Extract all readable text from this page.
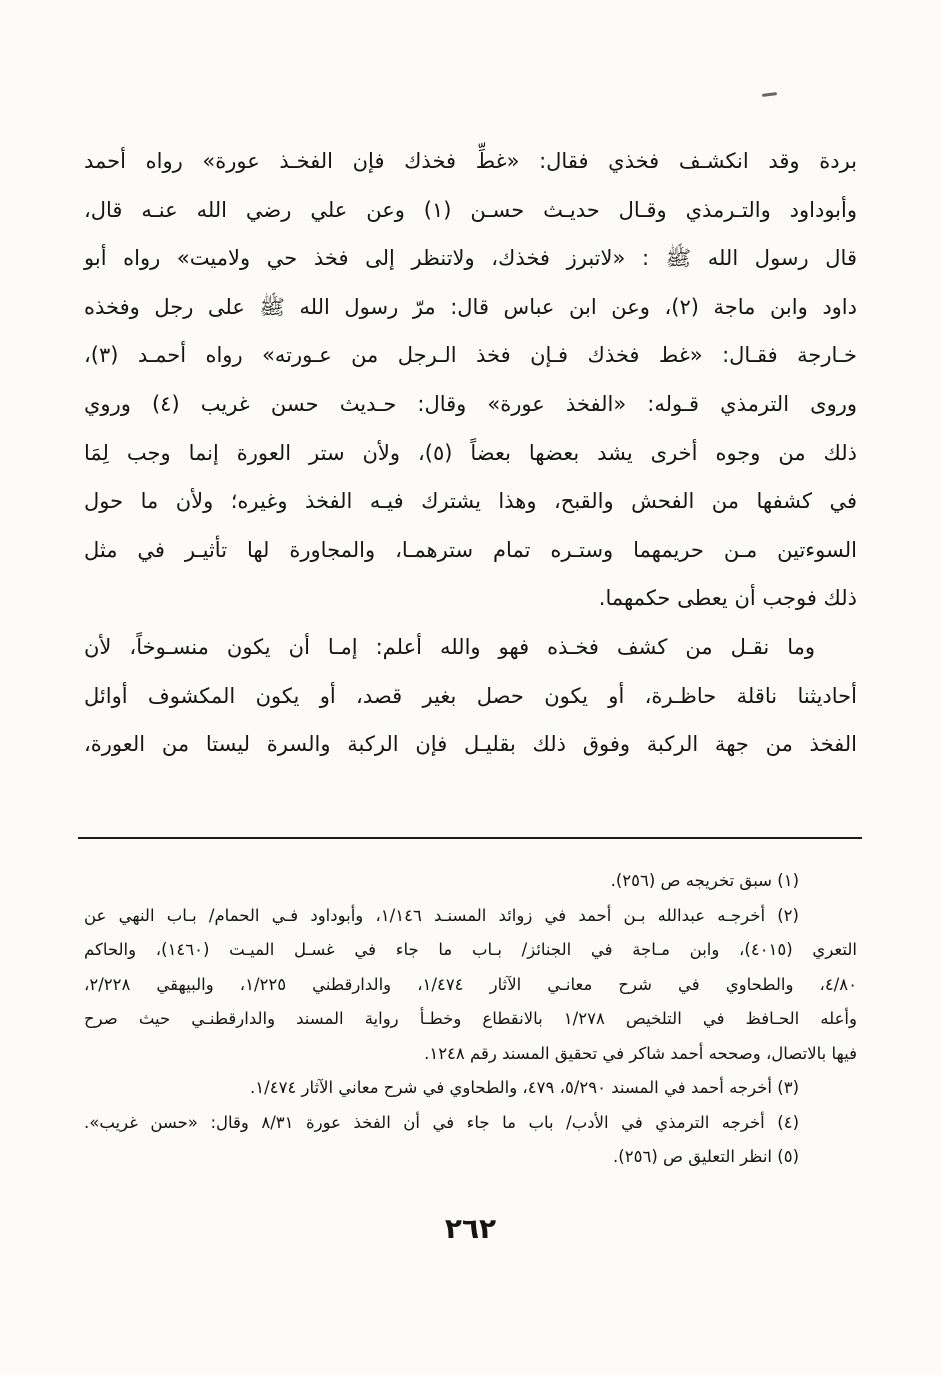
بردة وقد انكشـف فخذي فقال: «غطِّ فخذك فإن الفخـذ عورة» رواه أحمد
وأبوداود والتـرمذي وقـال حديـث حسـن (١) وعن علي رضي الله عنـه قال،
قال رسول الله ﷺ : «لاتبرز فخذك، ولاتنظر إلى فخذ حي ولاميت» رواه أبو
داود وابن ماجة (٢)، وعن ابن عباس قال: مرّ رسول الله ﷺ على رجل وفخذه
خـارجة فقـال: «غط فخذك فـإن فخذ الـرجل من عـورته» رواه أحمـد (٣)،
وروى الترمذي قـوله: «الفخذ عورة» وقال: حـديث حسن غريب (٤) وروي
ذلك من وجوه أخرى يشد بعضها بعضاً (٥)، ولأن ستر العورة إنما وجب لِمَا
في كشفها من الفحش والقبح، وهذا يشترك فيـه الفخذ وغيره؛ ولأن ما حول
السوءتين مـن حريمهما وستـره تمام سترهمـا، والمجاورة لها تأثيـر في مثل
ذلك فوجب أن يعطى حكمهما.
وما نقـل من كشف فخـذه فهو والله أعلم: إمـا أن يكون منسـوخاً، لأن
أحاديثنا ناقلة حاظـرة، أو يكون حصل بغير قصد، أو يكون المكشوف أوائل
الفخذ من جهة الركبة وفوق ذلك بقليـل فإن الركبة والسرة ليستا من العورة،
(١) سبق تخريجه ص (٢٥٦).
(٢) أخرجـه عبدالله بـن أحمد في زوائد المسنـد ١/١٤٦، وأبوداود فـي الحمام/ بـاب النهي عن
التعري (٤٠١٥)، وابن مـاجة في الجنائز/ بـاب ما جاء في غسـل الميـت (١٤٦٠)، والحاكم
٤/٨٠، والطحاوي في شرح معانـي الآثار ١/٤٧٤، والدارقطني ١/٢٢٥، والبيهقي ٢/٢٢٨،
وأعله الحـافظ في التلخيص ١/٢٧٨ بالانقطاع وخطـأ رواية المسند والدارقطنـي حيث صرح
فيها بالاتصال، وصححه أحمد شاكر في تحقيق المسند رقم ١٢٤٨.
(٣) أخرجه أحمد في المسند ٥/٢٩٠، ٤٧٩، والطحاوي في شرح معاني الآثار ١/٤٧٤.
(٤) أخرجه الترمذي في الأدب/ باب ما جاء في أن الفخذ عورة ٨/٣١ وقال: «حسن غريب».
(٥) انظر التعليق ص (٢٥٦).
٢٦٢
